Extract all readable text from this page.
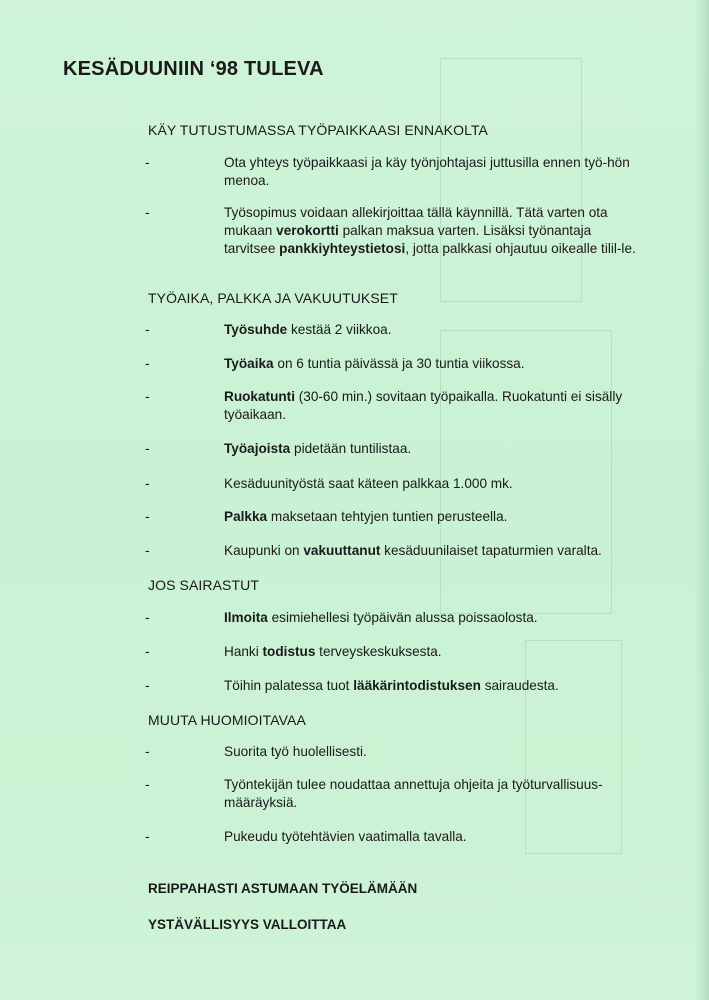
KESÄDUUNIIN ‘98 TULEVA
KÄY TUTUSTUMASSA TYÖPAIKKAASI ENNAKOLTA
-	Ota yhteys työpaikkaasi ja käy työnjohtajasi juttusilla ennen työ-hön menoa.
-	Työsopimus voidaan allekirjoittaa tällä käynnillä. Tätä varten ota mukaan verokortti palkan maksua varten. Lisäksi työnantaja tarvitsee pankkiyhteystietosi, jotta palkkasi ohjautuu oikealle tilil-le.
TYÖAIKA, PALKKA JA VAKUUTUKSET
-	Työsuhde kestää 2 viikkoa.
-	Työaika on 6 tuntia päivässä ja 30 tuntia viikossa.
-	Ruokatunti (30-60 min.) sovitaan työpaikalla. Ruokatunti ei sisälly työaikaan.
-	Työajoista pidetään tuntilistaa.
-	Kesäduunityöstä saat käteen palkkaa 1.000 mk.
-	Palkka maksetaan tehtyjen tuntien perusteella.
-	Kaupunki on vakuuttanut kesäduunilaiset tapaturmien varalta.
JOS SAIRASTUT
-	Ilmoita esimiehellesi työpäivän alussa poissaolosta.
-	Hanki todistus terveyskeskuksesta.
-	Töihin palatessa tuot lääkärintodistuksen sairaudesta.
MUUTA HUOMIOITAVAA
-	Suorita työ huolellisesti.
-	Työntekijän tulee noudattaa annettuja ohjeita ja työturvallisuus-määräyksiä.
-	Pukeudu työtehtävien vaatimalla tavalla.
REIPPAHASTI ASTUMAAN TYÖELÄMÄÄN
YSTÄVÄLLISYYS VALLOITTAA
